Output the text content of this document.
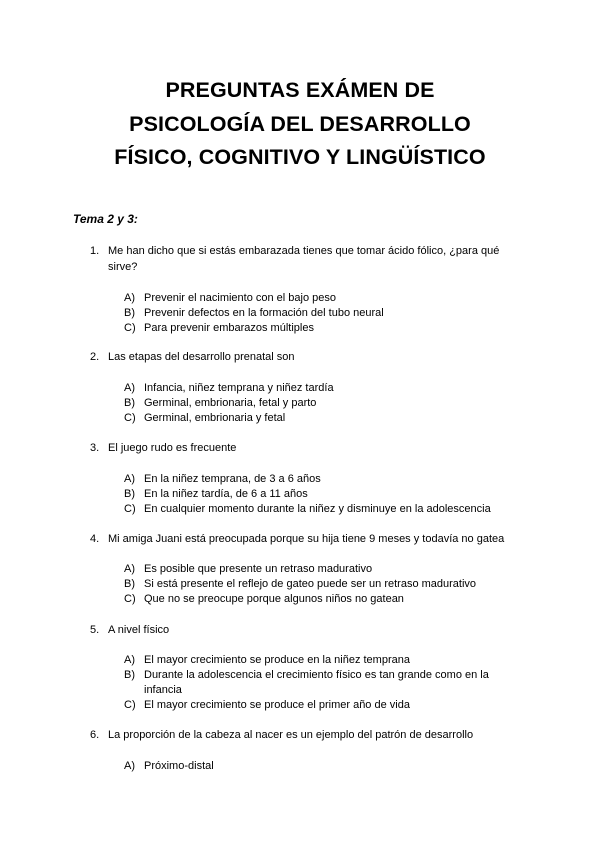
PREGUNTAS EXÁMEN DE
PSICOLOGÍA DEL DESARROLLO
FÍSICO, COGNITIVO Y LINGÜÍSTICO
Tema 2 y 3:
1. Me han dicho que si estás embarazada tienes que tomar ácido fólico, ¿para qué sirve?
A) Prevenir el nacimiento con el bajo peso
B) Prevenir defectos en la formación del tubo neural
C) Para prevenir embarazos múltiples
2. Las etapas del desarrollo prenatal son
A) Infancia, niñez temprana y niñez tardía
B) Germinal, embrionaria, fetal y parto
C) Germinal, embrionaria y fetal
3. El juego rudo es frecuente
A) En la niñez temprana, de 3 a 6 años
B) En la niñez tardía, de 6 a 11 años
C) En cualquier momento durante la niñez y disminuye en la adolescencia
4. Mi amiga Juani está preocupada porque su hija tiene 9 meses y todavía no gatea
A) Es posible que presente un retraso madurativo
B) Si está presente el reflejo de gateo puede ser un retraso madurativo
C) Que no se preocupe porque algunos niños no gatean
5. A nivel físico
A) El mayor crecimiento se produce en la niñez temprana
B) Durante la adolescencia el crecimiento físico es tan grande como en la infancia
C) El mayor crecimiento se produce el primer año de vida
6. La proporción de la cabeza al nacer es un ejemplo del patrón de desarrollo
A) Próximo-distal
